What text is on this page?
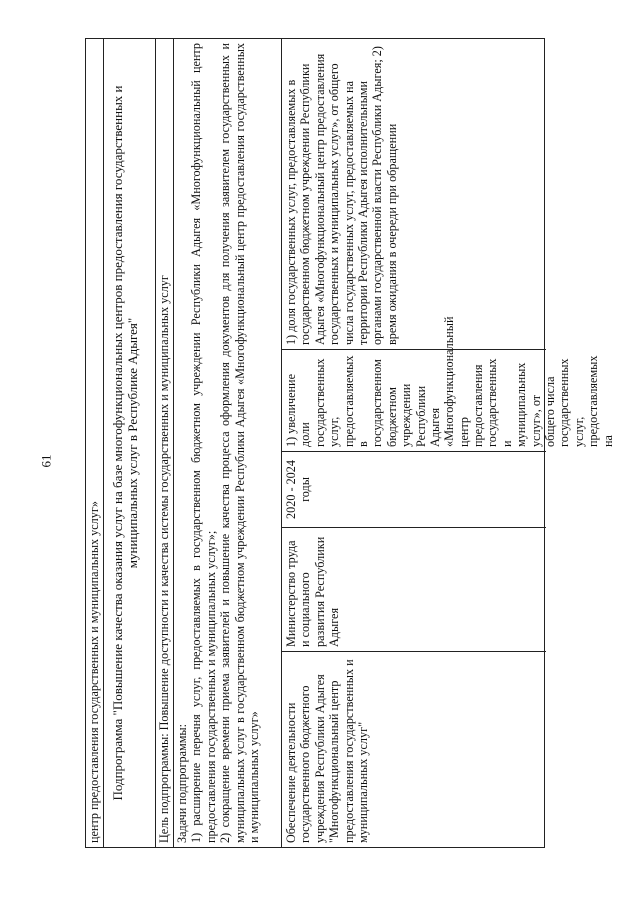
61
центр предоставления государственных и муниципальных услуг» Подпрограмма "Повышение качества оказания услуг на базе многофункциональных центров предоставления государственных и муниципальных услуг в Республике Адыгея"	Цель подпрограммы: Повышение доступности и качества системы государственных и муниципальных услуг Задачи подпрограммы: 1) расширение перечня услуг, предоставляемых в государственном бюджетном учреждении Республики Адыгея «Многофункциональный центр предоставления государственных и муниципальных услуг»; 2) сокращение времени приема заявителей и повышение качества процесса оформления документов для получения заявителем государственных и муниципальных услуг в государственном бюджетном учреждении Республики Адыгея «Многофункциональный центр предоставления государственных и муниципальных услуг» Обеспечение деятельности государственного бюджетного учреждения Республики Адыгея "Многофункциональный центр предоставления государственных и муниципальных услуг"
Министерство труда и социального развития Республики Адыгея
2020 - 2024 годы
1) увеличение доли государственных услуг, предоставляемых в государственном бюджетном учреждении Республики Адыгея «Многофункциональный центр предоставления государственных и муниципальных услуг», от общего числа государственных услуг, предоставляемых на
1) доля государственных услуг, предоставляемых в государственном бюджетном учреждении Республики Адыгея «Многофункциональный центр предоставления государственных и муниципальных услуг», от общего числа государственных услуг, предоставляемых на территории Республики Адыгея исполнительными органами государственной власти Республики Адыгея; 2) время ожидания в очереди при обращении
